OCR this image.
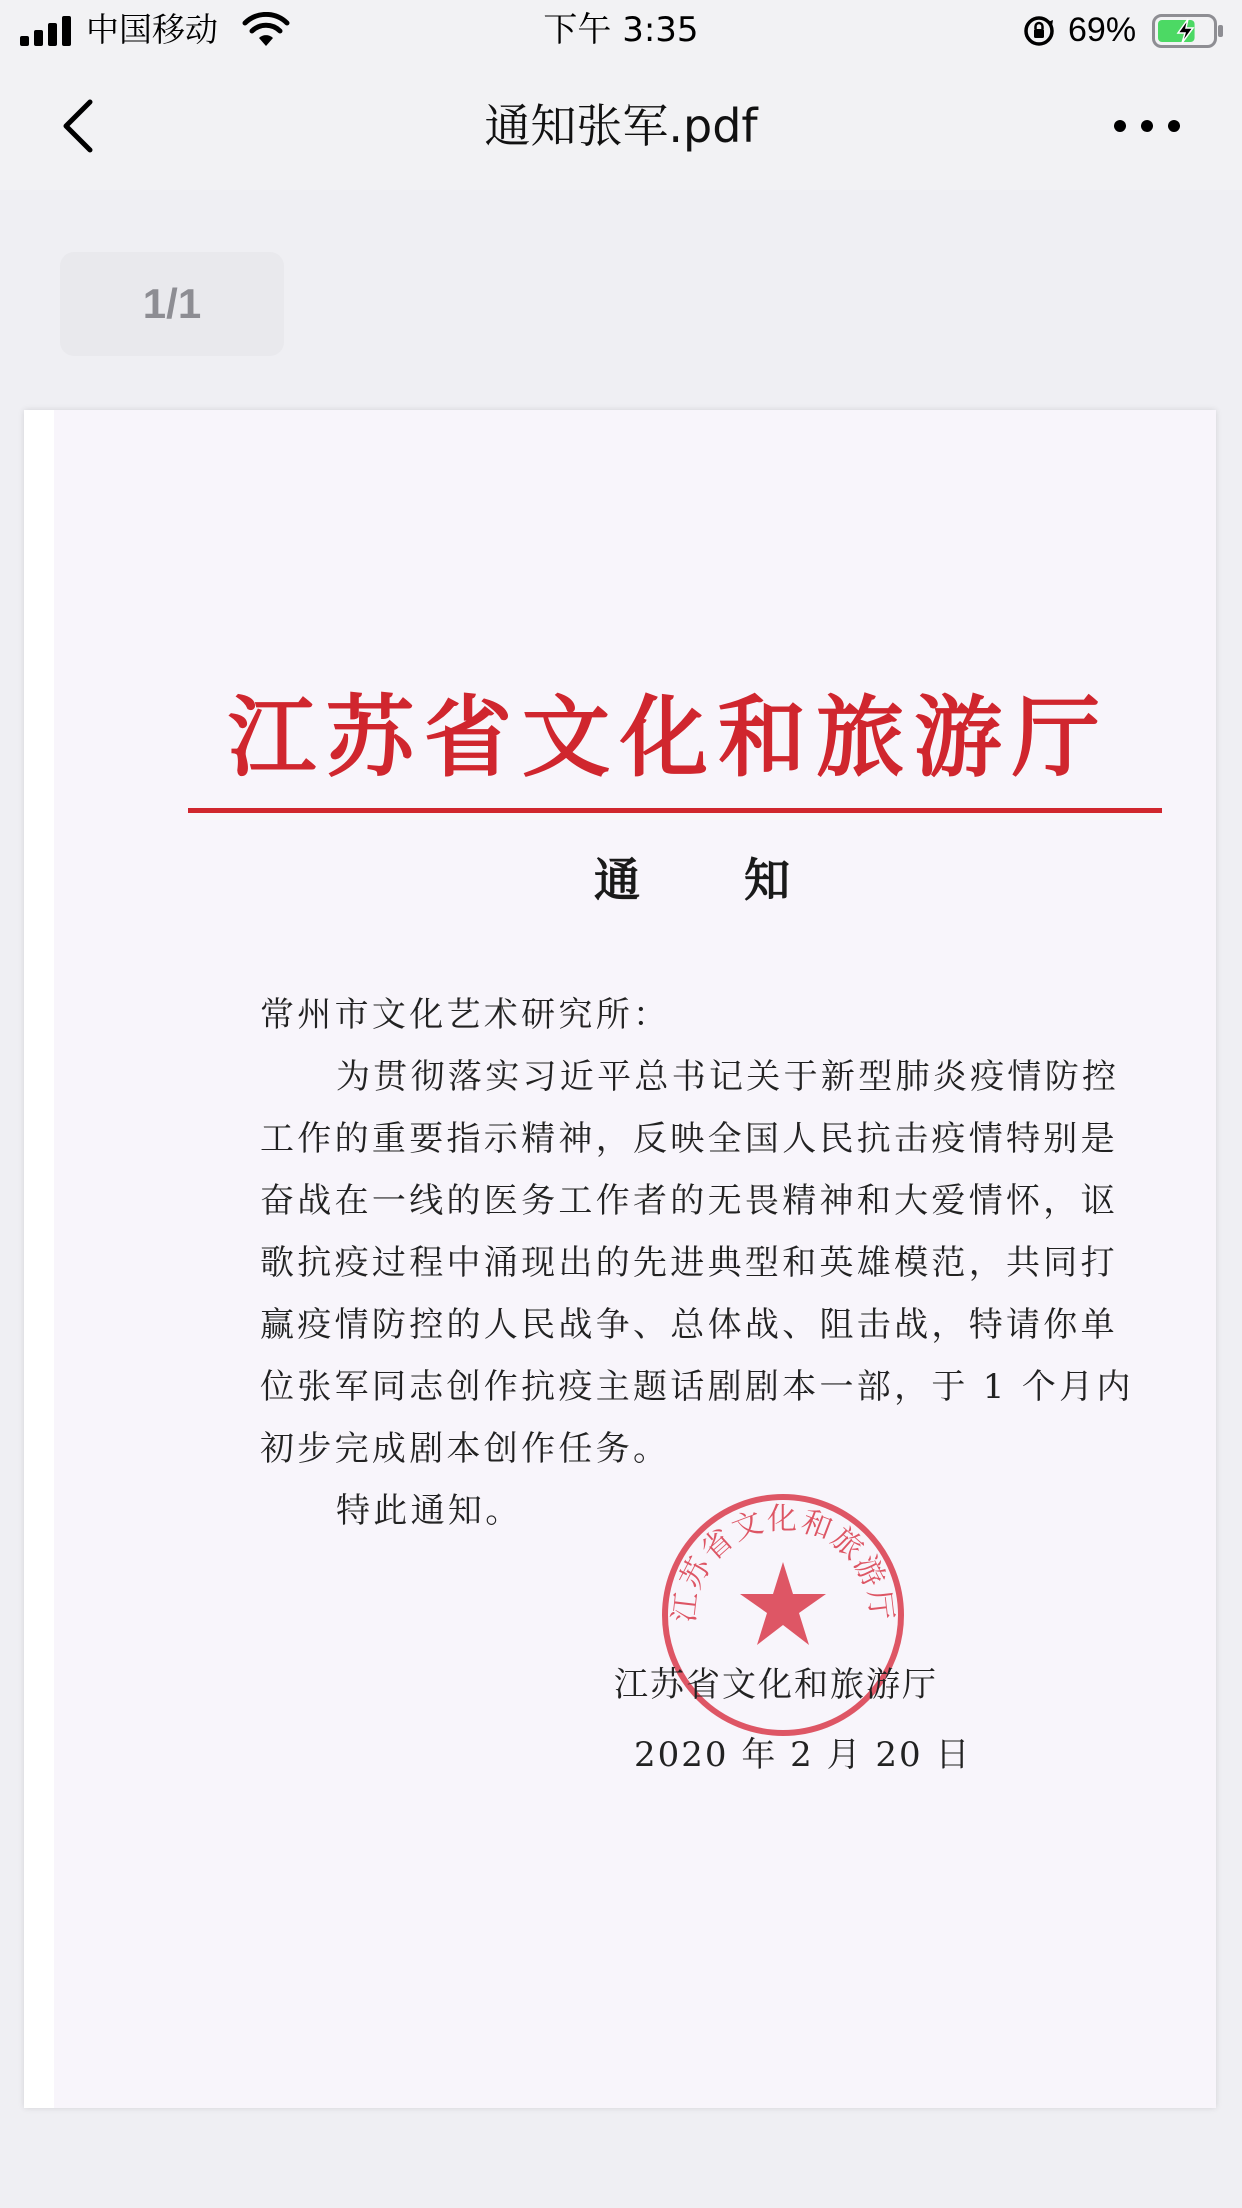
中国移动	下午 3:35	69%
通知张军.pdf
1/1
江苏省文化和旅游厅
通 知

常州市文化艺术研究所：

为贯彻落实习近平总书记关于新型肺炎疫情防控工作的重要指示精神，反映全国人民抗击疫情特别是奋战在一线的医务工作者的无畏精神和大爱情怀，讴歌抗疫过程中涌现出的先进典型和英雄模范，共同打赢疫情防控的人民战争、总体战、阻击战，特请你单位张军同志创作抗疫主题话剧剧本一部，于 1 个月内初步完成剧本创作任务。

特此通知。

江苏省文化和旅游厅
江苏省文化和旅游厅
2020 年 2 月 20 日
